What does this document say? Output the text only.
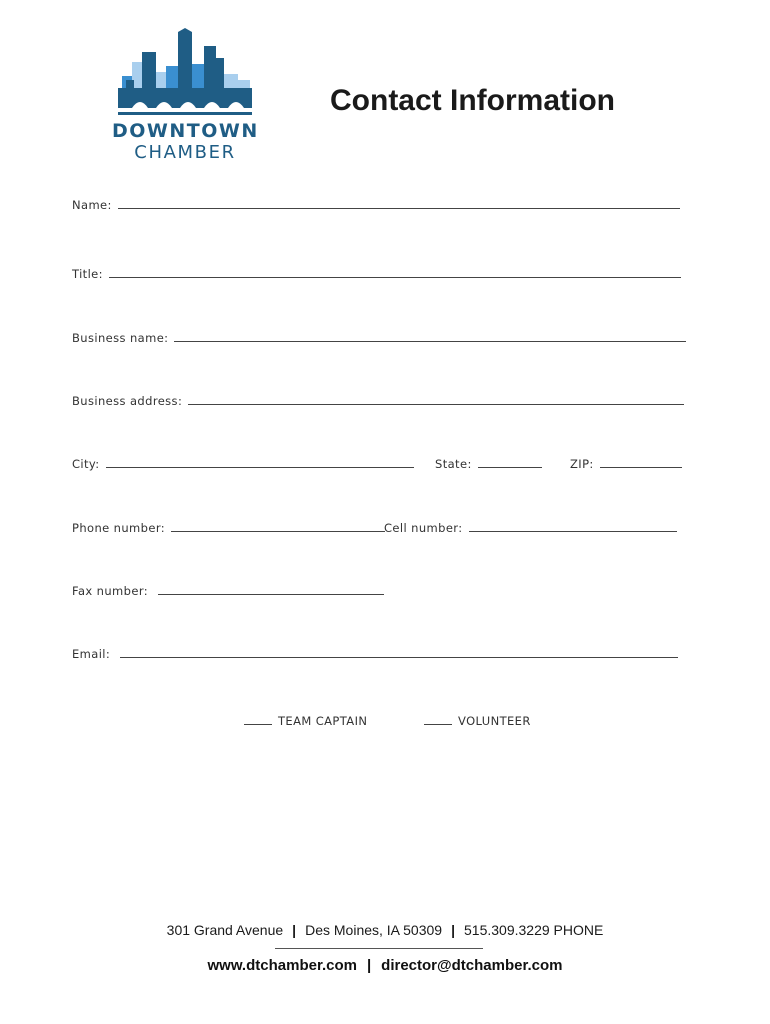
DOWNTOWN
CHAMBER
Contact Information
Name:
Title:
Business name:
Business address:
City:	State:	ZIP:
Phone number:	Cell number:
Fax number:
Email:
TEAM CAPTAIN	VOLUNTEER
301 Grand Avenue | Des Moines, IA 50309 | 515.309.3229 PHONE
www.dtchamber.com | director@dtchamber.com
